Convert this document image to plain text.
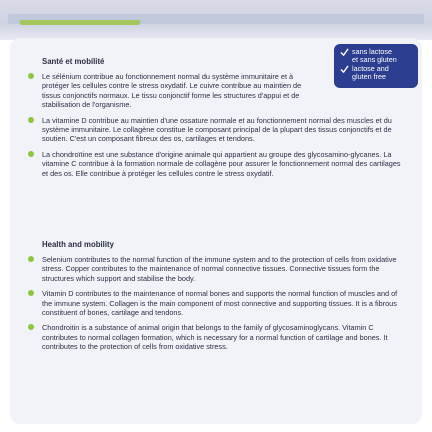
sans lactose
et sans gluten
lactose and
gluten free
Santé et mobilité
Le sélénium contribue au fonctionnement normal du système immunitaire et à protéger les cellules contre le stress oxydatif. Le cuivre contribue au maintien de tissus conjonctifs normaux. Le tissu conjonctif forme les structures d'appui et de stabilisation de l'organisme.
La vitamine D contribue au maintien d'une ossature normale et au fonctionnement normal des muscles et du système immunitaire. Le collagène constitue le composant principal de la plupart des tissus conjonctifs et de soutien. C'est un composant fibreux des os, cartilages et tendons.
La chondroïtine est une substance d'origine animale qui appartient au groupe des glycosamino-glycanes. La vitamine C contribue à la formation normale de collagène pour assurer le fonctionnement normal des cartilages et des os. Elle contribue à protéger les cellules contre le stress oxydatif.
Health and mobility
Selenium contributes to the normal function of the immune system and to the protection of cells from oxidative stress. Copper contributes to the maintenance of normal connective tissues. Connective tissues form the structures which support and stabilise the body.
Vitamin D contributes to the maintenance of normal bones and supports the normal function of muscles and of the immune system. Collagen is the main component of most connective and supporting tissues. It is a fibrous constituent of bones, cartilage and tendons.
Chondroitin is a substance of animal origin that belongs to the family of glycosaminoglycans. Vitamin C contributes to normal collagen formation, which is necessary for a normal function of cartilage and bones. It contributes to the protection of cells from oxidative stress.
